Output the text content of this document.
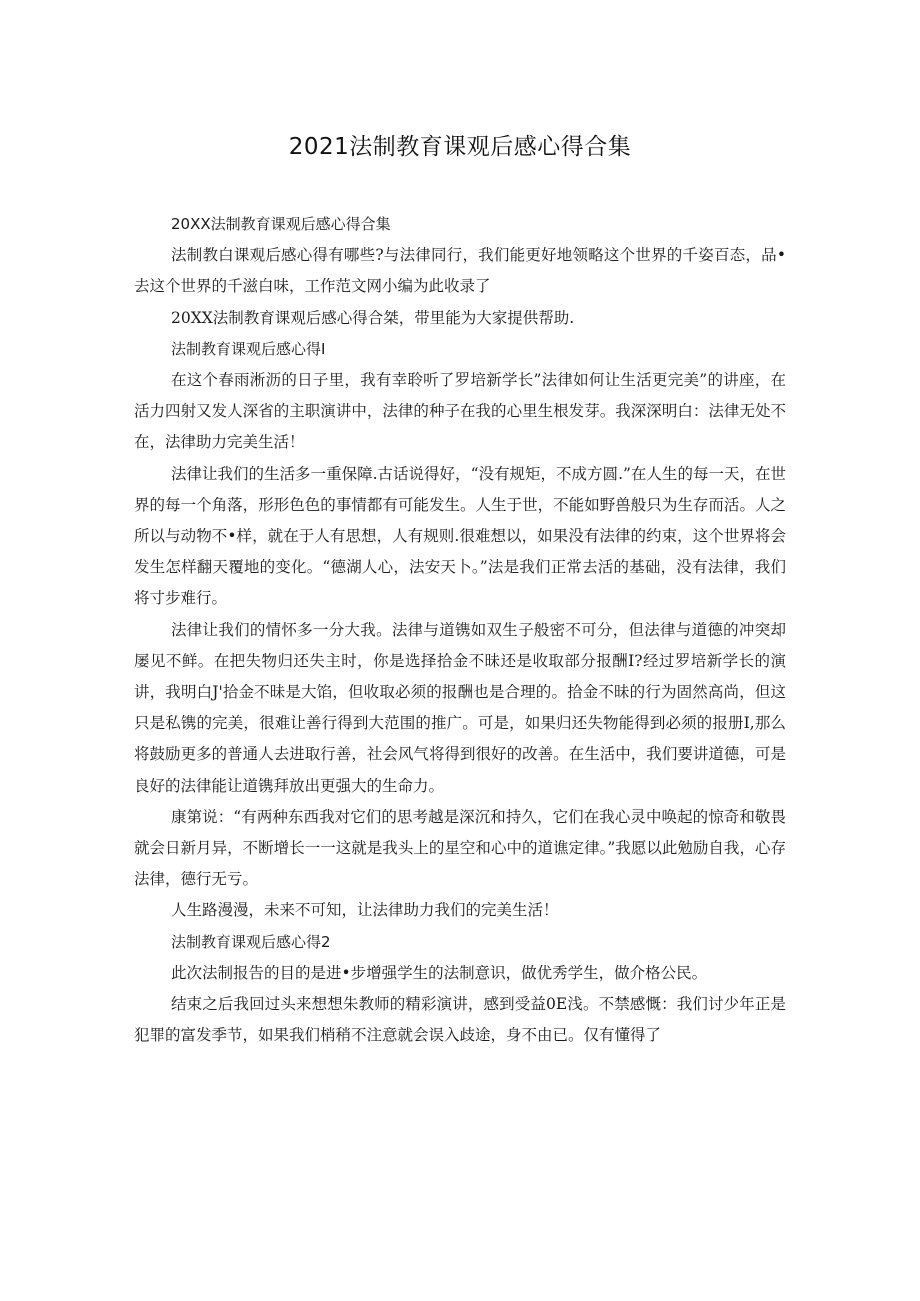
2021法制教育课观后感心得合集

20XX法制教育课观后感心得合集

法制教白课观后感心得有哪些?与法律同行，我们能更好地领略这个世界的千姿百态，品•去这个世界的千滋白味，工作范文网小编为此收录了

20XX法制教育课观后感心得合桀，带里能为大家提供帮助.

法制教育课观后感心得I

在这个春雨淅沥的日子里，我有幸聆听了罗培新学长”法律如何让生活更完美”的讲座，在活力四射又发人深省的主职演讲中，法律的种子在我的心里生根发芽。我深深明白：法律无处不在，法律助力完美生活！

法律让我们的生活多一重保障.古话说得好，“没有规矩，不成方圆.”在人生的每一天，在世界的每一个角落，形形色色的事情都有可能发生。人生于世，不能如野兽般只为生存而活。人之所以与动物不•样，就在于人有思想，人有规则.很难想以，如果没有法律的约束，这个世界将会发生怎样翻天覆地的变化。“德湖人心，法安天卜。”法是我们正常去活的基础，没有法律，我们将寸步难行。

法律让我们的情怀多一分大我。法律与道镌如双生子般密不可分，但法律与道德的冲突却屡见不鲜。在把失物归还失主时，你是选择拾金不昧还是收取部分报酬I?经过罗培新学长的演讲，我明白J'拾金不昧是大馅，但收取必须的报酬也是合理的。拾金不昧的行为固然高尚，但这只是私镌的完美，很难让善行得到大范围的推广。可是，如果归还失物能得到必须的报册I,那么将鼓励更多的普通人去进取行善，社会风气将得到很好的改善。在生活中，我们要讲道德，可是良好的法律能让道镌拜放出更强大的生命力。

康第说：“有两种东西我对它们的思考越是深沉和持久，它们在我心灵中唤起的惊奇和敬畏就会日新月异，不断增长一一这就是我头上的星空和心中的道谯定律。”我愿以此勉励自我，心存法律，德行无亏。

人生路漫漫，未来不可知，让法律助力我们的完美生活！

法制教育课观后感心得2

此次法制报告的目的是进•步增强学生的法制意识，做优秀学生，做介格公民。

结束之后我回过头来想想朱教师的精彩演讲，感到受益0E浅。不禁感慨：我们讨少年正是犯罪的富发季节，如果我们梢稍不注意就会误入歧途，身不由已。仅有懂得了
